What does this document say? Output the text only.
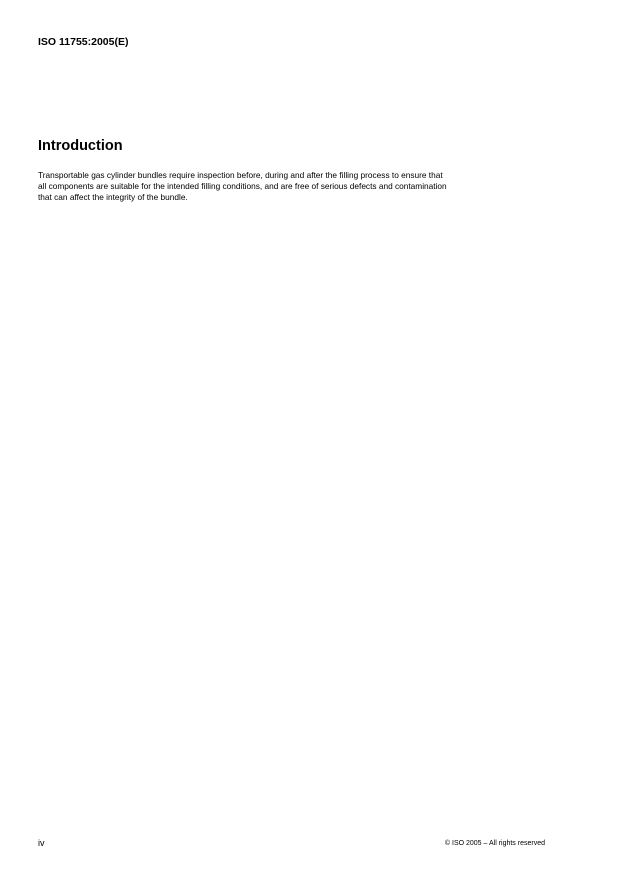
ISO 11755:2005(E)
Introduction

Transportable gas cylinder bundles require inspection before, during and after the filling process to ensure that
all components are suitable for the intended filling conditions, and are free of serious defects and contamination
that can affect the integrity of the bundle.

iv	© ISO 2005 – All rights reserved
